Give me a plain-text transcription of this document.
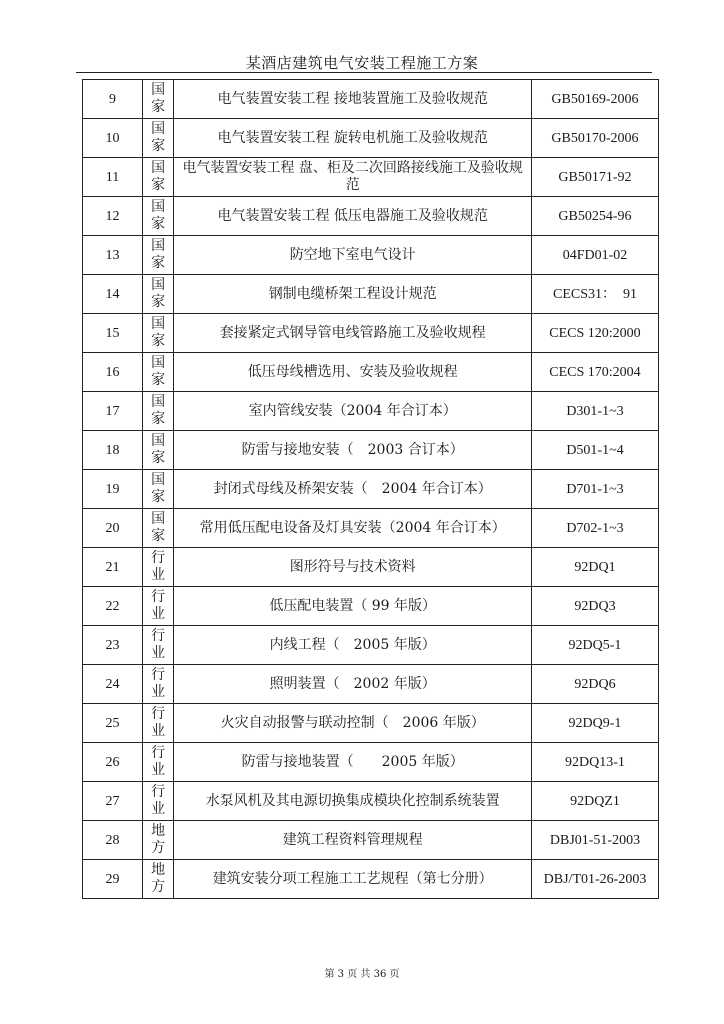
某酒店建筑电气安装工程施工方案
9	国家	电气装置安装工程 接地装置施工及验收规范	GB50169-2006
10	国家	电气装置安装工程 旋转电机施工及验收规范	GB50170-2006
11	国家	电气装置安装工程 盘、柜及二次回路接线施工及验收规范	GB50171-92
12	国家	电气装置安装工程 低压电器施工及验收规范	GB50254-96
13	国家	防空地下室电气设计	04FD01-02
14	国家	钢制电缆桥架工程设计规范	CECS31：　91
15	国家	套接紧定式钢导管电线管路施工及验收规程	CECS 120:2000
16	国家	低压母线槽选用、安装及验收规程	CECS 170:2004
17	国家	室内管线安装（2004 年合订本）	D301-1~3
18	国家	防雷与接地安装（　2003 合订本）	D501-1~4
19	国家	封闭式母线及桥架安装（　2004 年合订本）	D701-1~3
20	国家	常用低压配电设备及灯具安装（2004 年合订本）	D702-1~3
21	行业	图形符号与技术资料	92DQ1
22	行业	低压配电装置（ 99 年版）	92DQ3
23	行业	内线工程（　2005 年版）	92DQ5-1
24	行业	照明装置（　2002 年版）	92DQ6
25	行业	火灾自动报警与联动控制（　2006 年版）	92DQ9-1
26	行业	防雷与接地装置（　　2005 年版）	92DQ13-1
27	行业	水泵风机及其电源切换集成模块化控制系统装置	92DQZ1
28	地方	建筑工程资料管理规程	DBJ01-51-2003
29	地方	建筑安装分项工程施工工艺规程（第七分册）	DBJ/T01-26-2003
第 3 页 共 36 页
